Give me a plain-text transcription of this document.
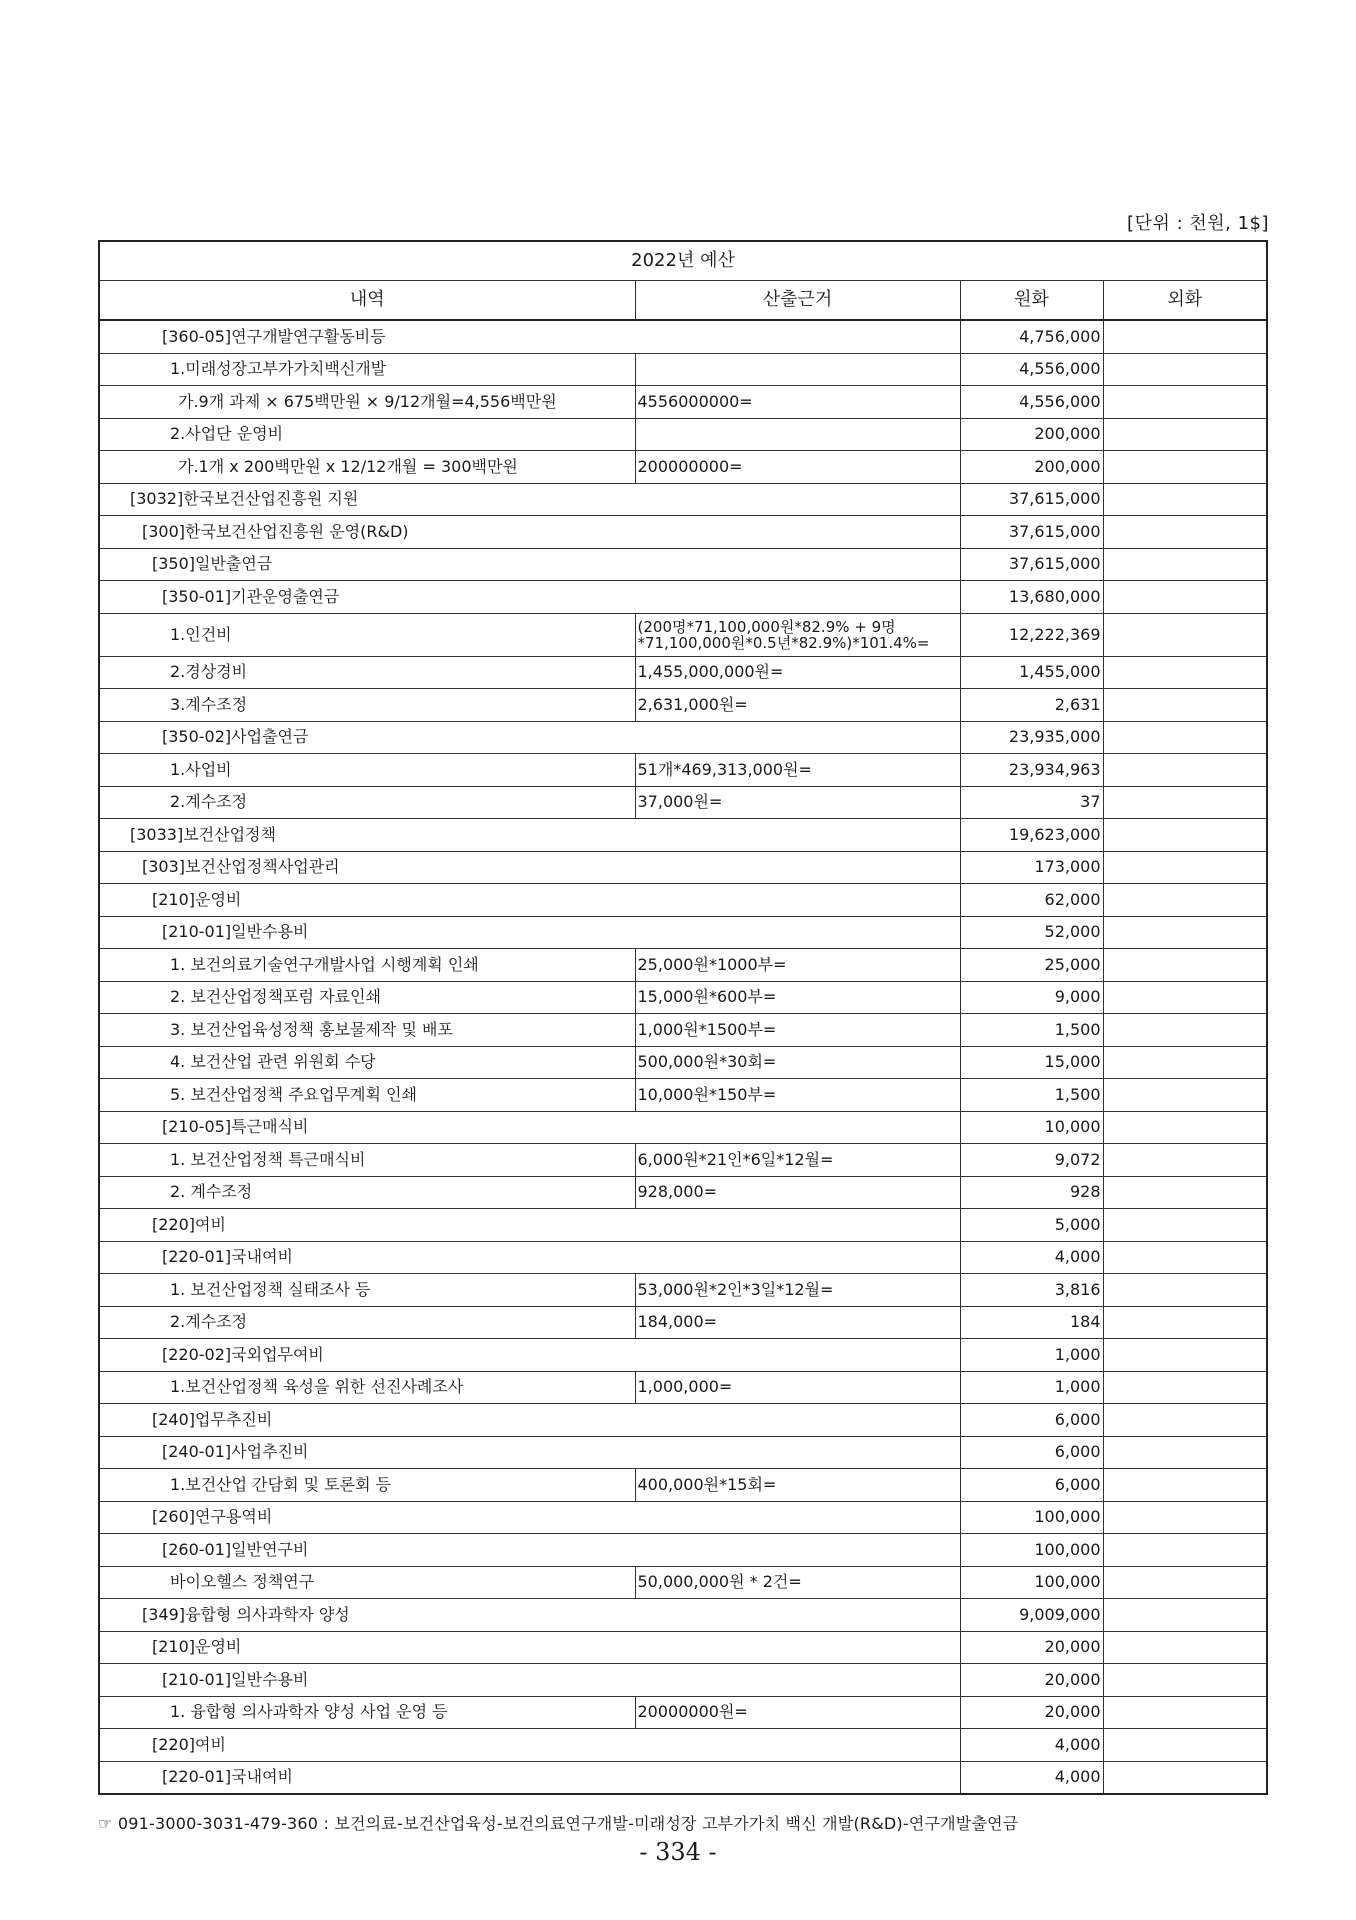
[단위 : 천원, 1$]
2022년 예산			
내역	산출근거	원화	외화
[360-05]연구개발연구활동비등		4,756,000	
1.미래성장고부가가치백신개발		4,556,000	
가.9개 과제 × 675백만원 × 9/12개월=4,556백만원	4556000000=	4,556,000	
2.사업단 운영비		200,000	
가.1개 x 200백만원 x 12/12개월 = 300백만원	200000000=	200,000	
[3032]한국보건산업진흥원 지원		37,615,000	
[300]한국보건산업진흥원 운영(R&D)		37,615,000	
[350]일반출연금		37,615,000	
[350-01]기관운영출연금		13,680,000	
1.인건비	(200명*71,100,000원*82.9% + 9명*71,100,000원*0.5년*82.9%)*101.4%=	12,222,369	
2.경상경비	1,455,000,000원=	1,455,000	
3.계수조정	2,631,000원=	2,631	
[350-02]사업출연금		23,935,000	
1.사업비	51개*469,313,000원=	23,934,963	
2.계수조정	37,000원=	37	
[3033]보건산업정책		19,623,000	
[303]보건산업정책사업관리		173,000	
[210]운영비		62,000	
[210-01]일반수용비		52,000	
1. 보건의료기술연구개발사업 시행계획 인쇄	25,000원*1000부=	25,000	
2. 보건산업정책포럼 자료인쇄	15,000원*600부=	9,000	
3. 보건산업육성정책 홍보물제작 및 배포	1,000원*1500부=	1,500	
4. 보건산업 관련 위원회 수당	500,000원*30회=	15,000	
5. 보건산업정책 주요업무계획 인쇄	10,000원*150부=	1,500	
[210-05]특근매식비		10,000	
1. 보건산업정책 특근매식비	6,000원*21인*6일*12월=	9,072	
2. 계수조정	928,000=	928	
[220]여비		5,000	
[220-01]국내여비		4,000	
1. 보건산업정책 실태조사 등	53,000원*2인*3일*12월=	3,816	
2.계수조정	184,000=	184	
[220-02]국외업무여비		1,000	
1.보건산업정책 육성을 위한 선진사례조사	1,000,000=	1,000	
[240]업무추진비		6,000	
[240-01]사업추진비		6,000	
1.보건산업 간담회 및 토론회 등	400,000원*15회=	6,000	
[260]연구용역비		100,000	
[260-01]일반연구비		100,000	
바이오헬스 정책연구	50,000,000원 * 2건=	100,000	
[349]융합형 의사과학자 양성		9,009,000	
[210]운영비		20,000	
[210-01]일반수용비		20,000	
1. 융합형 의사과학자 양성 사업 운영 등	20000000원=	20,000	
[220]여비		4,000	
[220-01]국내여비		4,000	
☞ 091-3000-3031-479-360 : 보건의료-보건산업육성-보건의료연구개발-미래성장 고부가가치 백신 개발(R&D)-연구개발출연금
- 334 -
